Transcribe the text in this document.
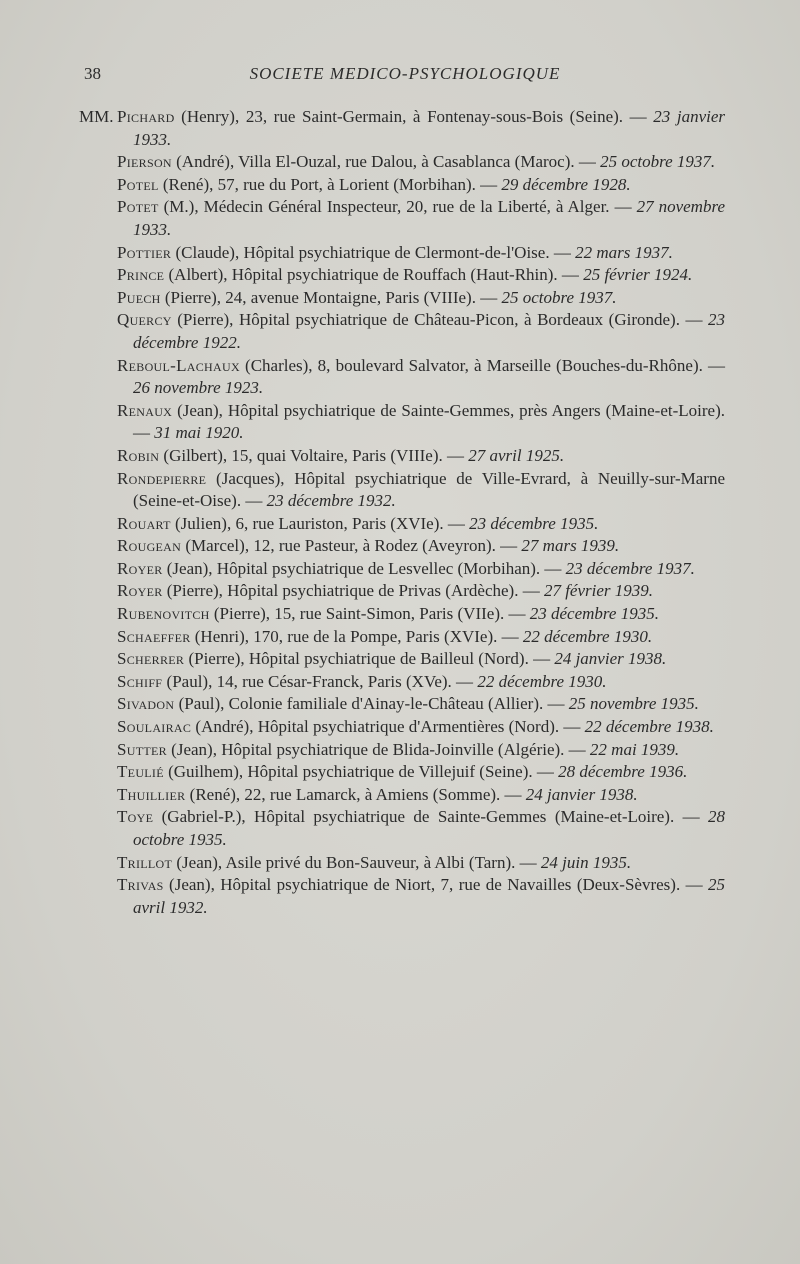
38	SOCIETE MEDICO-PSYCHOLOGIQUE
MM. Pichard (Henry), 23, rue Saint-Germain, à Fontenay-sous-Bois (Seine). — 23 janvier 1933.
Pierson (André), Villa El-Ouzal, rue Dalou, à Casablanca (Maroc). — 25 octobre 1937.
Potel (René), 57, rue du Port, à Lorient (Morbihan). — 29 décembre 1928.
Potet (M.), Médecin Général Inspecteur, 20, rue de la Liberté, à Alger. — 27 novembre 1933.
Pottier (Claude), Hôpital psychiatrique de Clermont-de-l'Oise. — 22 mars 1937.
Prince (Albert), Hôpital psychiatrique de Rouffach (Haut-Rhin). — 25 février 1924.
Puech (Pierre), 24, avenue Montaigne, Paris (VIIIe). — 25 octobre 1937.
Quercy (Pierre), Hôpital psychiatrique de Château-Picon, à Bordeaux (Gironde). — 23 décembre 1922.
Reboul-Lachaux (Charles), 8, boulevard Salvator, à Marseille (Bouches-du-Rhône). — 26 novembre 1923.
Renaux (Jean), Hôpital psychiatrique de Sainte-Gemmes, près Angers (Maine-et-Loire). — 31 mai 1920.
Robin (Gilbert), 15, quai Voltaire, Paris (VIIIe). — 27 avril 1925.
Rondepierre (Jacques), Hôpital psychiatrique de Ville-Evrard, à Neuilly-sur-Marne (Seine-et-Oise). — 23 décembre 1932.
Rouart (Julien), 6, rue Lauriston, Paris (XVIe). — 23 décembre 1935.
Rougean (Marcel), 12, rue Pasteur, à Rodez (Aveyron). — 27 mars 1939.
Royer (Jean), Hôpital psychiatrique de Lesvellec (Morbihan). — 23 décembre 1937.
Royer (Pierre), Hôpital psychiatrique de Privas (Ardèche). — 27 février 1939.
Rubenovitch (Pierre), 15, rue Saint-Simon, Paris (VIIe). — 23 décembre 1935.
Schaeffer (Henri), 170, rue de la Pompe, Paris (XVIe). — 22 décembre 1930.
Scherrer (Pierre), Hôpital psychiatrique de Bailleul (Nord). — 24 janvier 1938.
Schiff (Paul), 14, rue César-Franck, Paris (XVe). — 22 décembre 1930.
Sivadon (Paul), Colonie familiale d'Ainay-le-Château (Allier). — 25 novembre 1935.
Soulairac (André), Hôpital psychiatrique d'Armentières (Nord). — 22 décembre 1938.
Sutter (Jean), Hôpital psychiatrique de Blida-Joinville (Algérie). — 22 mai 1939.
Teulié (Guilhem), Hôpital psychiatrique de Villejuif (Seine). — 28 décembre 1936.
Thuillier (René), 22, rue Lamarck, à Amiens (Somme). — 24 janvier 1938.
Toye (Gabriel-P.), Hôpital psychiatrique de Sainte-Gemmes (Maine-et-Loire). — 28 octobre 1935.
Trillot (Jean), Asile privé du Bon-Sauveur, à Albi (Tarn). — 24 juin 1935.
Trivas (Jean), Hôpital psychiatrique de Niort, 7, rue de Navailles (Deux-Sèvres). — 25 avril 1932.
